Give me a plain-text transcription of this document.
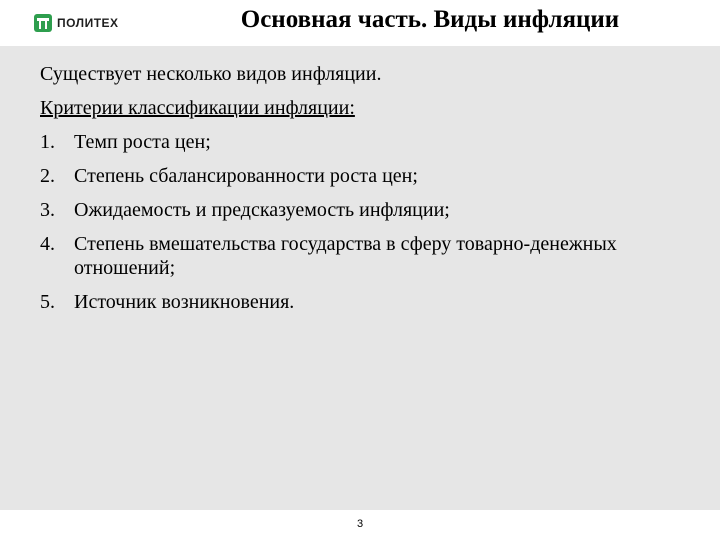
ПОЛИТЕХ	Основная часть. Виды инфляции

Существует несколько видов инфляции.

Критерии классификации инфляции:

1. Темп роста цен;
2. Степень сбалансированности роста цен;
3. Ожидаемость и предсказуемость инфляции;
4. Степень вмешательства государства в сферу товарно-денежных отношений;
5. Источник возникновения.
3
